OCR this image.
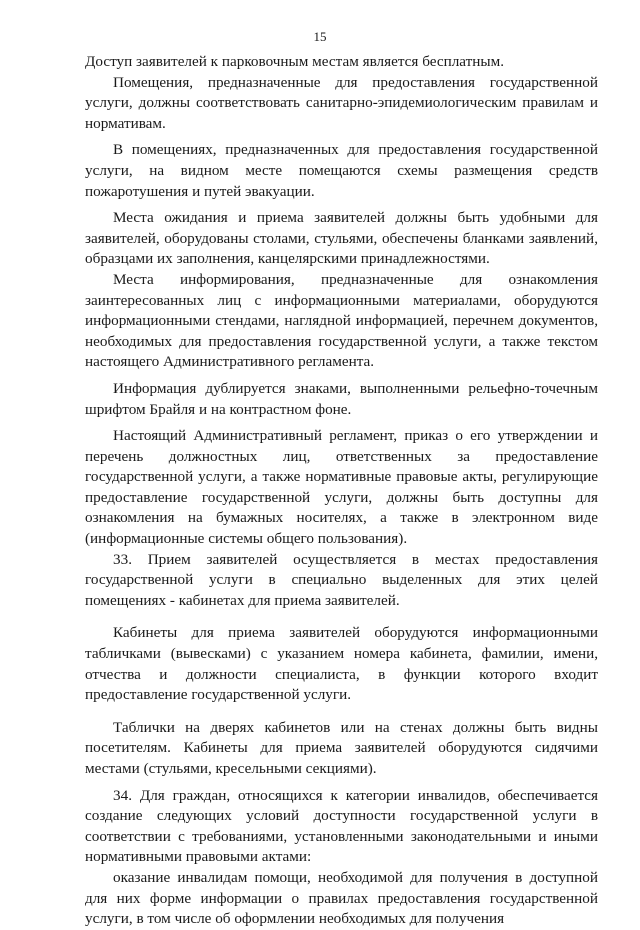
15

Доступ заявителей к парковочным местам является бесплатным.

Помещения, предназначенные для предоставления государственной услуги, должны соответствовать санитарно-эпидемиологическим правилам и нормативам.

В помещениях, предназначенных для предоставления государственной услуги, на видном месте помещаются схемы размещения средств пожаротушения и путей эвакуации.

Места ожидания и приема заявителей должны быть удобными для заявителей, оборудованы столами, стульями, обеспечены бланками заявлений, образцами их заполнения, канцелярскими принадлежностями.

Места информирования, предназначенные для ознакомления заинтересованных лиц с информационными материалами, оборудуются информационными стендами, наглядной информацией, перечнем документов, необходимых для предоставления государственной услуги, а также текстом настоящего Административного регламента.

Информация дублируется знаками, выполненными рельефно-точечным шрифтом Брайля и на контрастном фоне.

Настоящий Административный регламент, приказ о его утверждении и перечень должностных лиц, ответственных за предоставление государственной услуги, а также нормативные правовые акты, регулирующие предоставление государственной услуги, должны быть доступны для ознакомления на бумажных носителях, а также в электронном виде (информационные системы общего пользования).

33. Прием заявителей осуществляется в местах предоставления государственной услуги в специально выделенных для этих целей помещениях - кабинетах для приема заявителей.

Кабинеты для приема заявителей оборудуются информационными табличками (вывесками) с указанием номера кабинета, фамилии, имени, отчества и должности специалиста, в функции которого входит предоставление государственной услуги.

Таблички на дверях кабинетов или на стенах должны быть видны посетителям. Кабинеты для приема заявителей оборудуются сидячими местами (стульями, кресельными секциями).

34. Для граждан, относящихся к категории инвалидов, обеспечивается создание следующих условий доступности государственной услуги в соответствии с требованиями, установленными законодательными и иными нормативными правовыми актами:

оказание инвалидам помощи, необходимой для получения в доступной для них форме информации о правилах предоставления государственной услуги, в том числе об оформлении необходимых для получения
